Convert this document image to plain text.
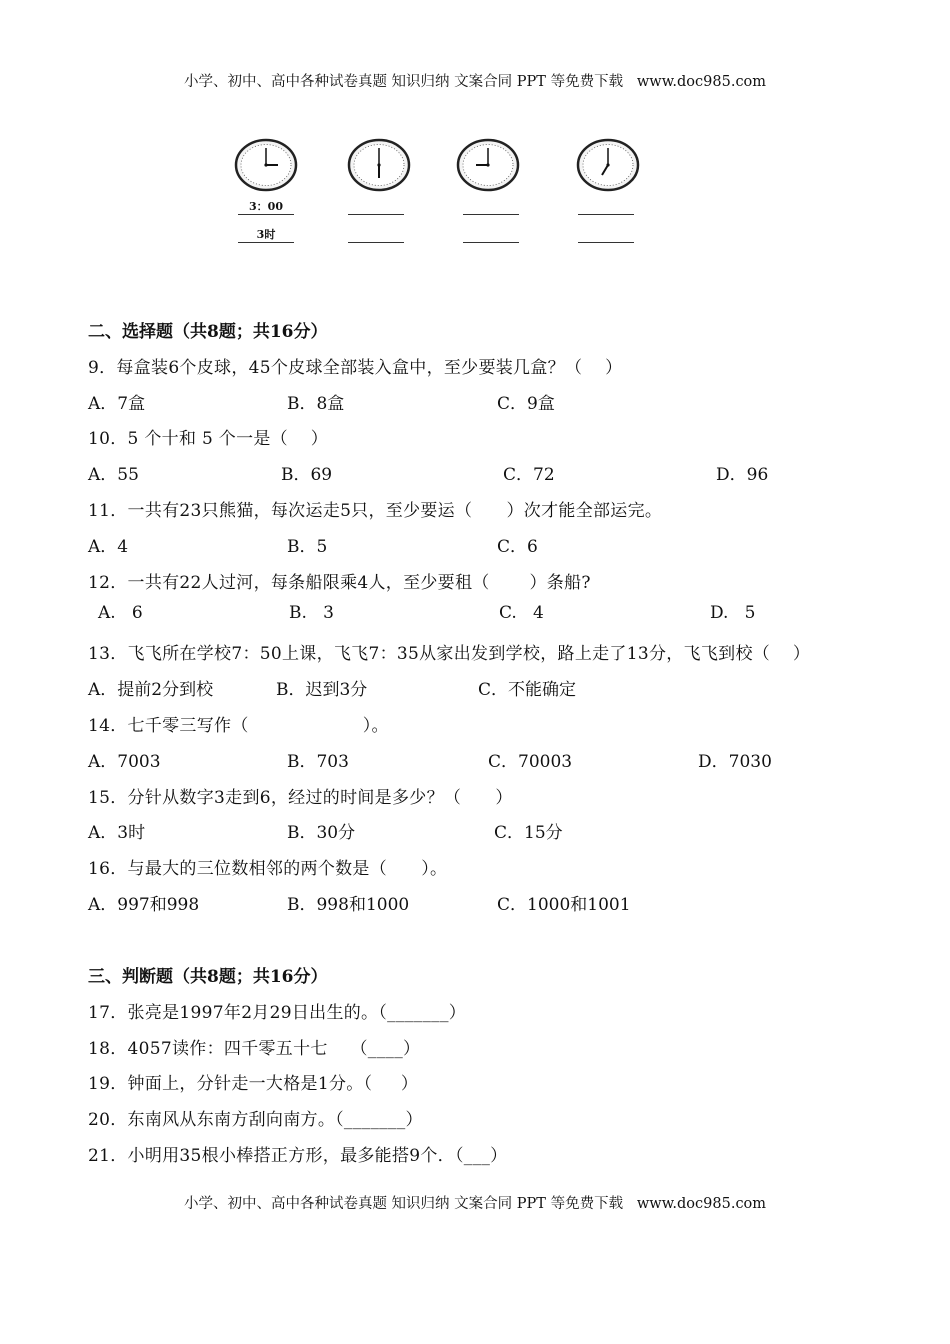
小学、初中、高中各种试卷真题 知识归纳 文案合同 PPT 等免费下载   www.doc985.com
3：00
3时
二、选择题（共8题；共16分）
9．每盒装6个皮球，45个皮球全部装入盒中，至少要装几盒？（    ）
A．7盒	B．8盒	C．9盒
10．5 个十和 5 个一是（    ）
A．55	B．69	C．72	D．96
11．一共有23只熊猫，每次运走5只，至少要运（      ）次才能全部运完。
A．4	B．5	C．6
12．一共有22人过河，每条船限乘4人，至少要租（       ）条船?
A.   6	B.   3	C.   4	D.   5
13．飞飞所在学校7：50上课，飞飞7：35从家出发到学校，路上走了13分，飞飞到校（    ）
A．提前2分到校	B．迟到3分	C．不能确定
14．七千零三写作（                    ）。
A．7003	B．703	C．70003	D．7030
15．分针从数字3走到6，经过的时间是多少？（      ）
A．3时	B．30分	C．15分
16．与最大的三位数相邻的两个数是（      ）。
A．997和998	B．998和1000	C．1000和1001
三、判断题（共8题；共16分）
17．张亮是1997年2月29日出生的。（_______）
18．4057读作：四千零五十七    （____）
19．钟面上，分针走一大格是1分。（     ）
20．东南风从东南方刮向南方。（_______）
21．小明用35根小棒搭正方形，最多能搭9个．（___）
小学、初中、高中各种试卷真题 知识归纳 文案合同 PPT 等免费下载   www.doc985.com
